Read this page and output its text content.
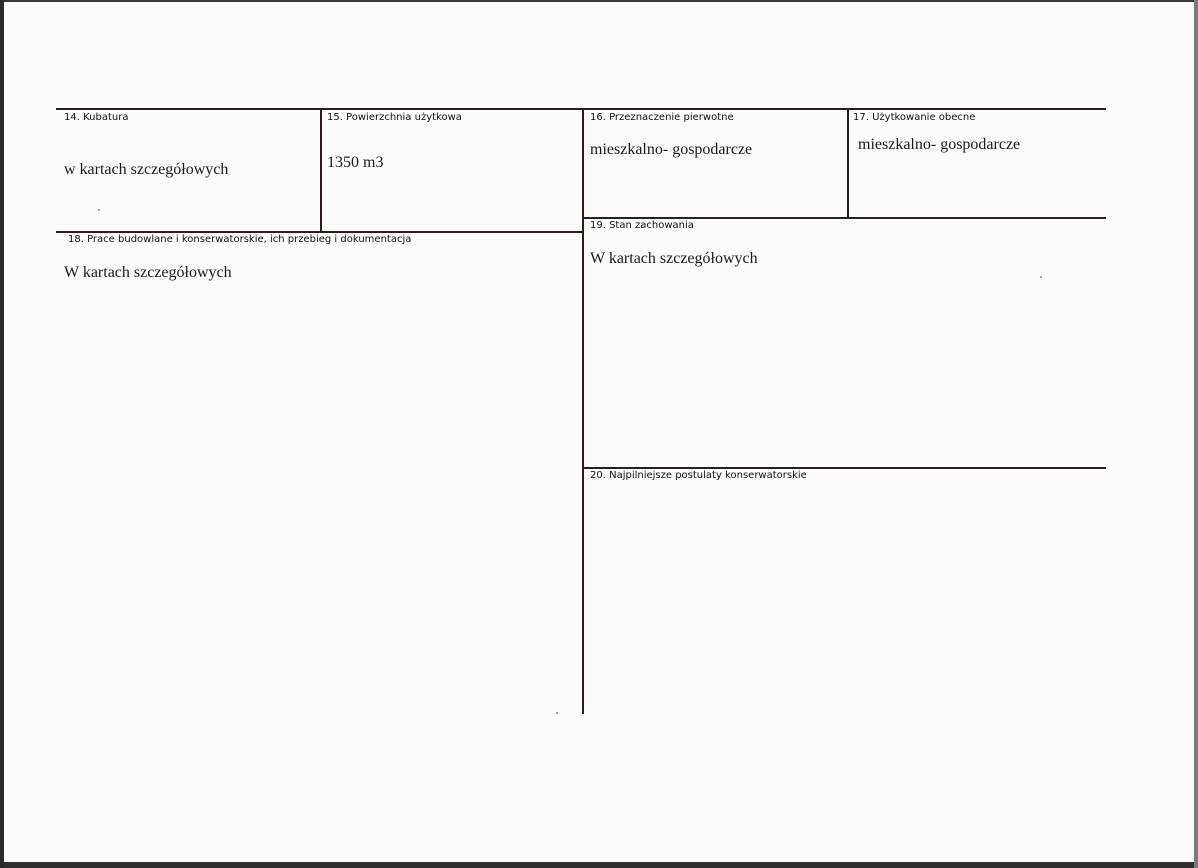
14. Kubatura
w kartach szczegółowych
15. Powierzchnia użytkowa
1350 m3
16. Przeznaczenie pierwotne
mieszkalno- gospodarcze
17. Użytkowanie obecne
mieszkalno- gospodarcze
18. Prace budowlane i konserwatorskie, ich przebieg i dokumentacja
W kartach szczegółowych
19. Stan zachowania
W kartach szczegółowych
20. Najpilniejsze postulaty konserwatorskie
